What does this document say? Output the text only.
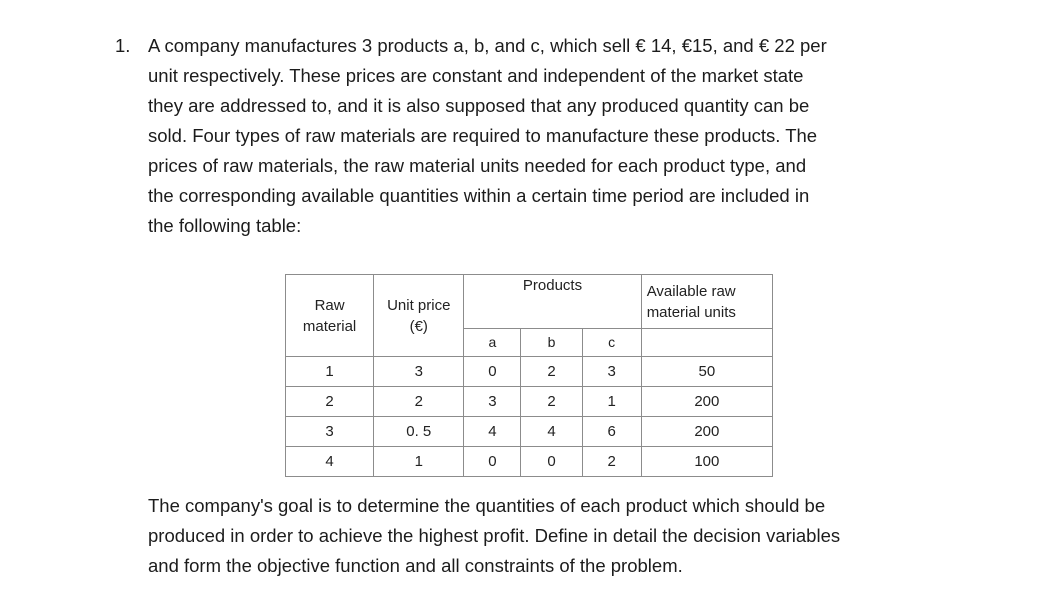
1. A company manufactures 3 products a, b, and c, which sell € 14, €15, and € 22 per
unit respectively. These prices are constant and independent of the market state
they are addressed to, and it is also supposed that any produced quantity can be
sold. Four types of raw materials are required to manufacture these products. The
prices of raw materials, the raw material units needed for each product type, and
the corresponding available quantities within a certain time period are included in
the following table:
Raw
material	Unit price
(€)	Products			Available raw
material units
		a	b	c	
1	3	0	2	3	50
2	2	3	2	1	200
3	0. 5	4	4	6	200
4	1	0	0	2	100
The company's goal is to determine the quantities of each product which should be
produced in order to achieve the highest profit. Define in detail the decision variables
and form the objective function and all constraints of the problem.
